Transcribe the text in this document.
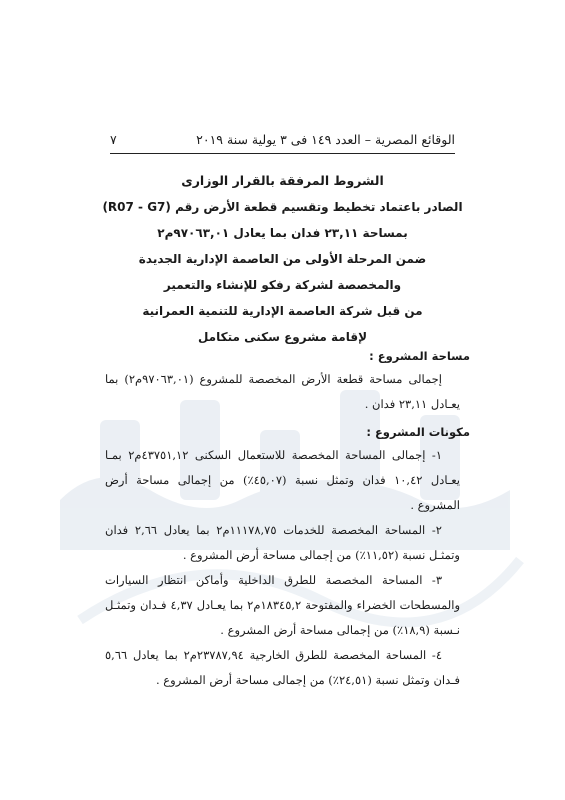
الوقائع المصرية – العدد ١٤٩ فى ٣ يولية سنة ٢٠١٩
٧
الشروط المرفقة بالقرار الوزارى
الصادر باعتماد تخطيط وتقسيم قطعة الأرض رقم (R07 - G7)
بمساحة ٢٣,١١ فدان بما يعادل ٩٧٠٦٣,٠١م٢
ضمن المرحلة الأولى من العاصمة الإدارية الجديدة
والمخصصة لشركة رفكو للإنشاء والتعمير
من قبل شركة العاصمة الإدارية للتنمية العمرانية
لإقامة مشروع سكنى متكامل
مساحة المشروع :
إجمالى مساحة قطعة الأرض المخصصة للمشروع (٩٧٠٦٣,٠١م٢) بما يعـادل ٢٣,١١ فدان .
مكونات المشروع :
١- إجمالى المساحة المخصصة للاستعمال السكنى ٤٣٧٥١,١٢م٢ بمـا يعـادل ١٠,٤٢ فدان وتمثل نسبة (٤٥,٠٧٪) من إجمالى مساحة أرض المشروع .
٢- المساحة المخصصة للخدمات ١١١٧٨,٧٥م٢ بما يعادل ٢,٦٦ فدان وتمثـل نسبة (١١,٥٢٪) من إجمالى مساحة أرض المشروع .
٣- المساحة المخصصة للطرق الداخلية وأماكن انتظار السيارات والمسطحات الخضراء والمفتوحة ١٨٣٤٥,٢م٢ بما يعـادل ٤,٣٧ فـدان وتمثـل نـسبة (١٨,٩٪) من إجمالى مساحة أرض المشروع .
٤- المساحة المخصصة للطرق الخارجية ٢٣٧٨٧,٩٤م٢ بما يعادل ٥,٦٦ فـدان وتمثل نسبة (٢٤,٥١٪) من إجمالى مساحة أرض المشروع .
